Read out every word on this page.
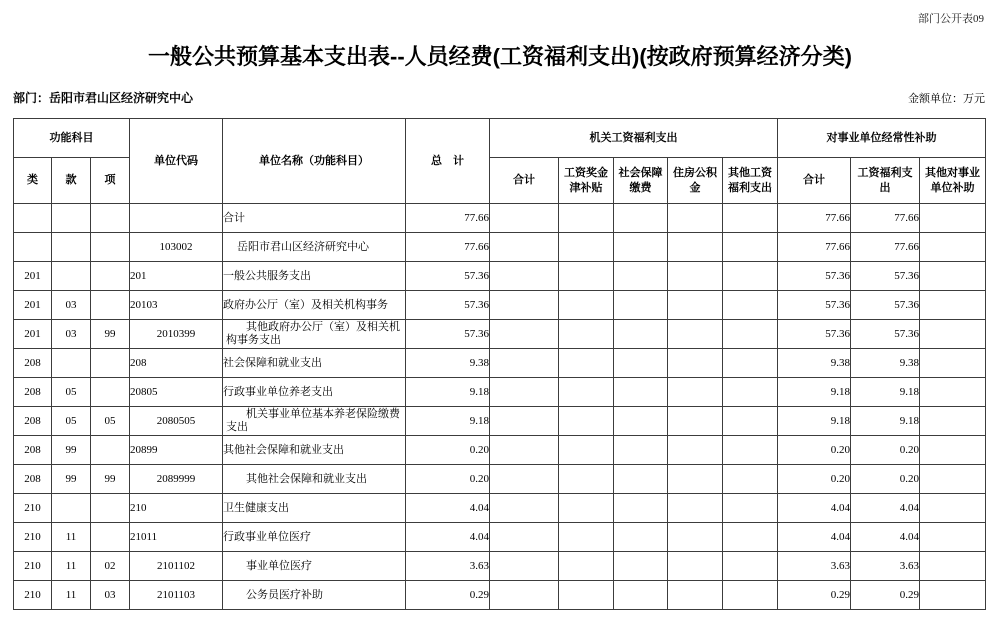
部门公开表09
一般公共预算基本支出表--人员经费(工资福利支出)(按政府预算经济分类)
部门：岳阳市君山区经济研究中心	金额单位：万元
功能科目			单位代码	单位名称（功能科目）	总　计	机关工资福利支出					对事业单位经常性补助		
类	款	项				合计	工资奖金津补贴	社会保障缴费	住房公积金	其他工资福利支出	合计	工资福利支出	其他对事业单位补助
				合计	77.66						77.66	77.66	
			103002	岳阳市君山区经济研究中心	77.66						77.66	77.66	
201			201	一般公共服务支出	57.36						57.36	57.36	
201	03		20103	政府办公厅（室）及相关机构事务	57.36						57.36	57.36	
201	03	99	2010399	其他政府办公厅（室）及相关机构事务支出	57.36						57.36	57.36	
208			208	社会保障和就业支出	9.38						9.38	9.38	
208	05		20805	行政事业单位养老支出	9.18						9.18	9.18	
208	05	05	2080505	机关事业单位基本养老保险缴费支出	9.18						9.18	9.18	
208	99		20899	其他社会保障和就业支出	0.20						0.20	0.20	
208	99	99	2089999	其他社会保障和就业支出	0.20						0.20	0.20	
210			210	卫生健康支出	4.04						4.04	4.04	
210	11		21011	行政事业单位医疗	4.04						4.04	4.04	
210	11	02	2101102	事业单位医疗	3.63						3.63	3.63	
210	11	03	2101103	公务员医疗补助	0.29						0.29	0.29	
